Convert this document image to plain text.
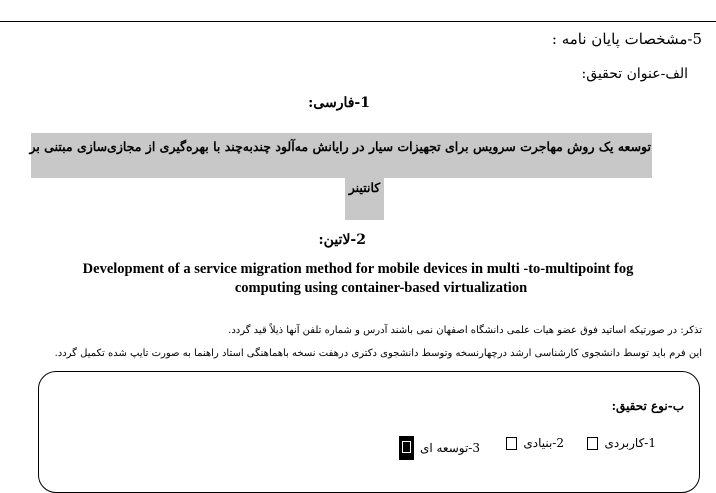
5-مشخصات پایان نامه :
الف-عنوان تحقیق:
1-فارسی:
توسعه یک روش مهاجرت سرویس برای تجهیزات سیار در رایانش مه‌آلود چندبه‌چند با بهره‌گیری از مجازی‌سازی مبتنی بر
کانتینر
2-لاتین:
Development of a service migration method for mobile devices in multi -to-multipoint fog
computing using container-based virtualization
تذکر: در صورتیکه اساتید فوق عضو هیات علمی دانشگاه اصفهان نمی باشند آدرس و شماره تلفن آنها ذیلاً قید گردد.
این فرم باید توسط دانشجوی کارشناسی ارشد درچهارنسخه وتوسط دانشجوی دکتری درهفت نسخه باهماهنگی استاد راهنما به صورت تایپ شده تکمیل گردد.
ب-نوع تحقیق:
1-کاربردی
2-بنیادی
3-توسعه ای
